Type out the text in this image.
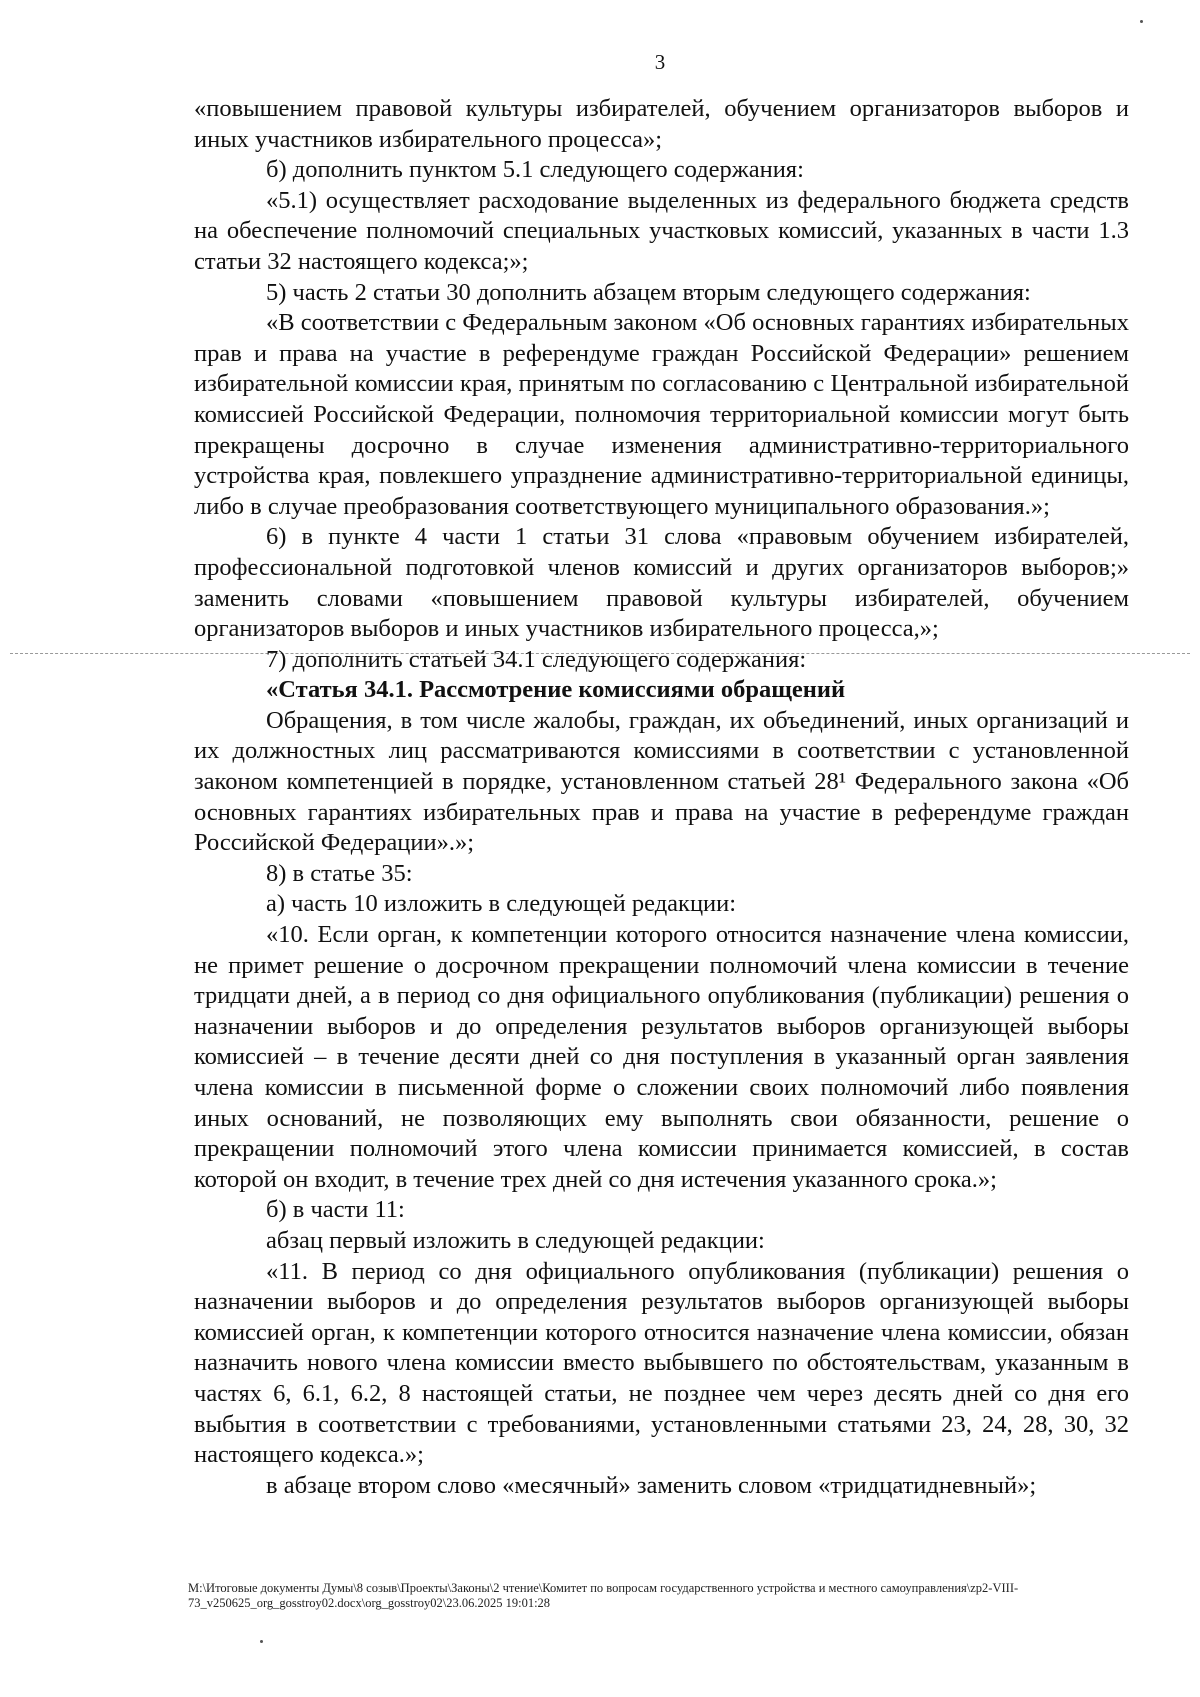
3

«повышением правовой культуры избирателей, обучением организаторов выборов и иных участников избирательного процесса»;

б) дополнить пунктом 5.1 следующего содержания:

«5.1) осуществляет расходование выделенных из федерального бюджета средств на обеспечение полномочий специальных участковых комиссий, указанных в части 1.3 статьи 32 настоящего кодекса;»;

5) часть 2 статьи 30 дополнить абзацем вторым следующего содержания:

«В соответствии с Федеральным законом «Об основных гарантиях избирательных прав и права на участие в референдуме граждан Российской Федерации» решением избирательной комиссии края, принятым по согласованию с Центральной избирательной комиссией Российской Федерации, полномочия территориальной комиссии могут быть прекращены досрочно в случае изменения административно-территориального устройства края, повлекшего упразднение административно-территориальной единицы, либо в случае преобразования соответствующего муниципального образования.»;

6) в пункте 4 части 1 статьи 31 слова «правовым обучением избирателей, профессиональной подготовкой членов комиссий и других организаторов выборов;» заменить словами «повышением правовой культуры избирателей, обучением организаторов выборов и иных участников избирательного процесса,»;

7) дополнить статьей 34.1 следующего содержания:

«Статья 34.1. Рассмотрение комиссиями обращений

Обращения, в том числе жалобы, граждан, их объединений, иных организаций и их должностных лиц рассматриваются комиссиями в соответствии с установленной законом компетенцией в порядке, установленном статьей 28¹ Федерального закона «Об основных гарантиях избирательных прав и права на участие в референдуме граждан Российской Федерации».»;

8) в статье 35:

а) часть 10 изложить в следующей редакции:

«10. Если орган, к компетенции которого относится назначение члена комиссии, не примет решение о досрочном прекращении полномочий члена комиссии в течение тридцати дней, а в период со дня официального опубликования (публикации) решения о назначении выборов и до определения результатов выборов организующей выборы комиссией – в течение десяти дней со дня поступления в указанный орган заявления члена комиссии в письменной форме о сложении своих полномочий либо появления иных оснований, не позволяющих ему выполнять свои обязанности, решение о прекращении полномочий этого члена комиссии принимается комиссией, в состав которой он входит, в течение трех дней со дня истечения указанного срока.»;

б) в части 11:

абзац первый изложить в следующей редакции:

«11. В период со дня официального опубликования (публикации) решения о назначении выборов и до определения результатов выборов организующей выборы комиссией орган, к компетенции которого относится назначение члена комиссии, обязан назначить нового члена комиссии вместо выбывшего по обстоятельствам, указанным в частях 6, 6.1, 6.2, 8 настоящей статьи, не позднее чем через десять дней со дня его выбытия в соответствии с требованиями, установленными статьями 23, 24, 28, 30, 32 настоящего кодекса.»;

в абзаце втором слово «месячный» заменить словом «тридцатидневный»;

M:\Итоговые документы Думы\8 созыв\Проекты\Законы\2 чтение\Комитет по вопросам государственного устройства и местного самоуправления\zp2-VIII-73_v250625_org_gosstroy02.docx\org_gosstroy02\23.06.2025 19:01:28
